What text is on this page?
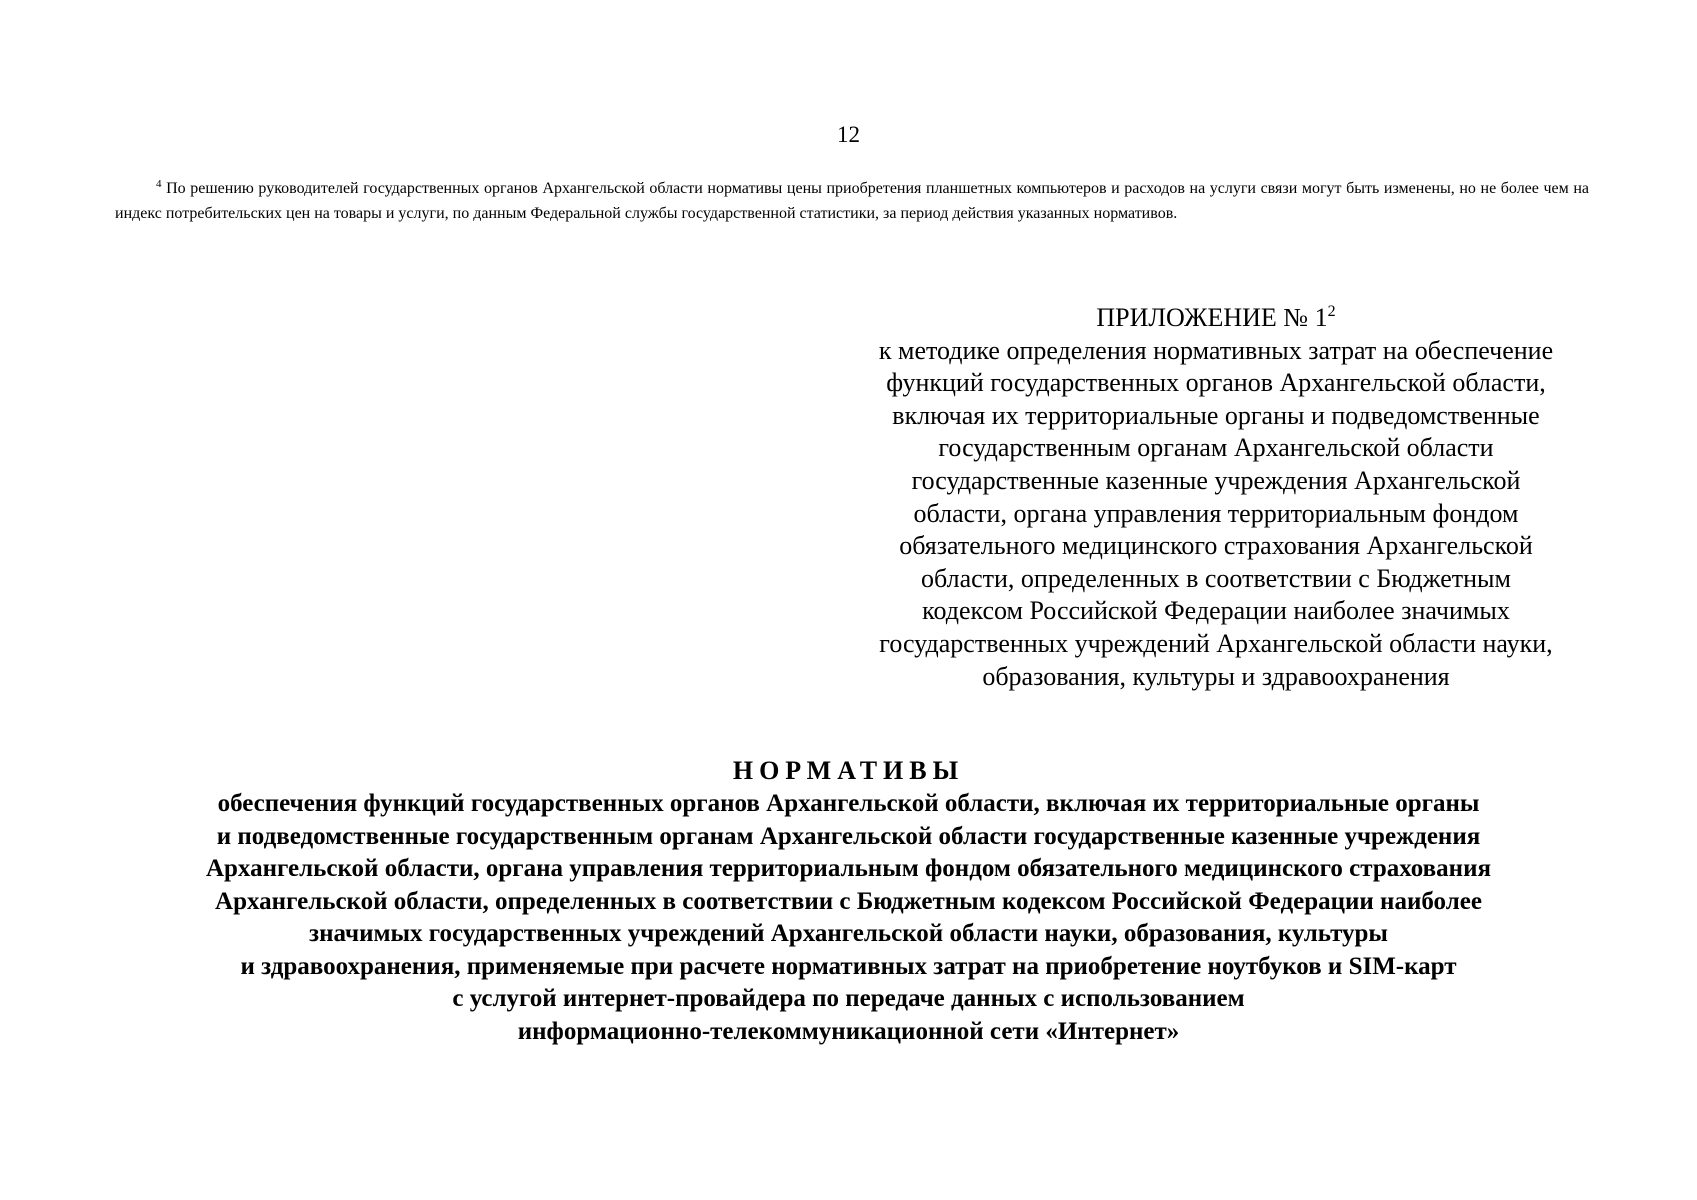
12
$^4$ По решению руководителей государственных органов Архангельской области нормативы цены приобретения планшетных компьютеров и расходов на услуги связи могут быть изменены, но не более чем на индекс потребительских цен на товары и услуги, по данным Федеральной службы государственной статистики, за период действия указанных нормативов.
ПРИЛОЖЕНИЕ № $1^2$
к методике определения нормативных затрат на обеспечение
функций государственных органов Архангельской области,
включая их территориальные органы и подведомственные
государственным органам Архангельской области
государственные казенные учреждения Архангельской
области, органа управления территориальным фондом
обязательного медицинского страхования Архангельской
области, определенных в соответствии с Бюджетным
кодексом Российской Федерации наиболее значимых
государственных учреждений Архангельской области науки,
образования, культуры и здравоохранения
НОРМАТИВЫ
обеспечения функций государственных органов Архангельской области, включая их территориальные органы
и подведомственные государственным органам Архангельской области государственные казенные учреждения
Архангельской области, органа управления территориальным фондом обязательного медицинского страхования
Архангельской области, определенных в соответствии с Бюджетным кодексом Российской Федерации наиболее
значимых государственных учреждений Архангельской области науки, образования, культуры
и здравоохранения, применяемые при расчете нормативных затрат на приобретение ноутбуков и SIM-карт
с услугой интернет-провайдера по передаче данных с использованием
информационно-телекоммуникационной сети «Интернет»
